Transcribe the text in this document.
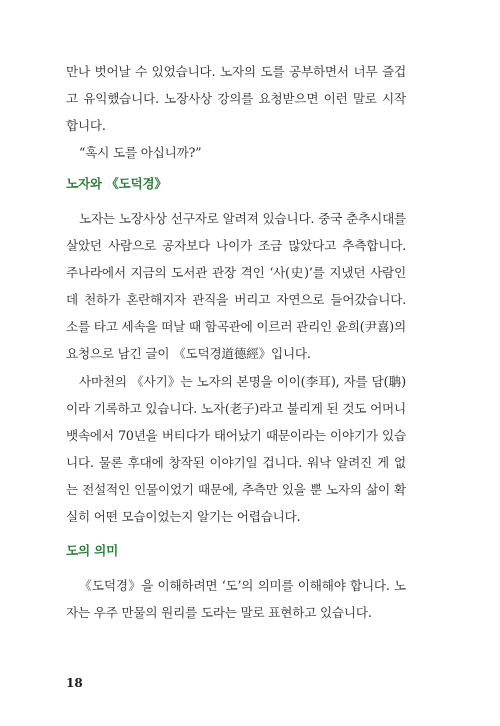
만나 벗어날 수 있었습니다. 노자의 도를 공부하면서 너무 즐겁고 유익했습니다. 노장사상 강의를 요청받으면 이런 말로 시작합니다.

“혹시 도를 아십니까?”

노자와 《도덕경》

노자는 노장사상 선구자로 알려져 있습니다. 중국 춘추시대를 살았던 사람으로 공자보다 나이가 조금 많았다고 추측합니다. 주나라에서 지금의 도서관 관장 격인 ‘사(史)’를 지냈던 사람인데 천하가 혼란해지자 관직을 버리고 자연으로 들어갔습니다. 소를 타고 세속을 떠날 때 함곡관에 이르러 관리인 윤희(尹喜)의 요청으로 남긴 글이 《도덕경道德經》입니다.

사마천의 《사기》는 노자의 본명을 이이(李耳), 자를 담(聃)이라 기록하고 있습니다. 노자(老子)라고 불리게 된 것도 어머니 뱃속에서 70년을 버티다가 태어났기 때문이라는 이야기가 있습니다. 물론 후대에 창작된 이야기일 겁니다. 워낙 알려진 게 없는 전설적인 인물이었기 때문에, 추측만 있을 뿐 노자의 삶이 확실히 어떤 모습이었는지 알기는 어렵습니다.

도의 의미

《도덕경》을 이해하려면 ‘도’의 의미를 이해해야 합니다. 노자는 우주 만물의 원리를 도라는 말로 표현하고 있습니다.

18
